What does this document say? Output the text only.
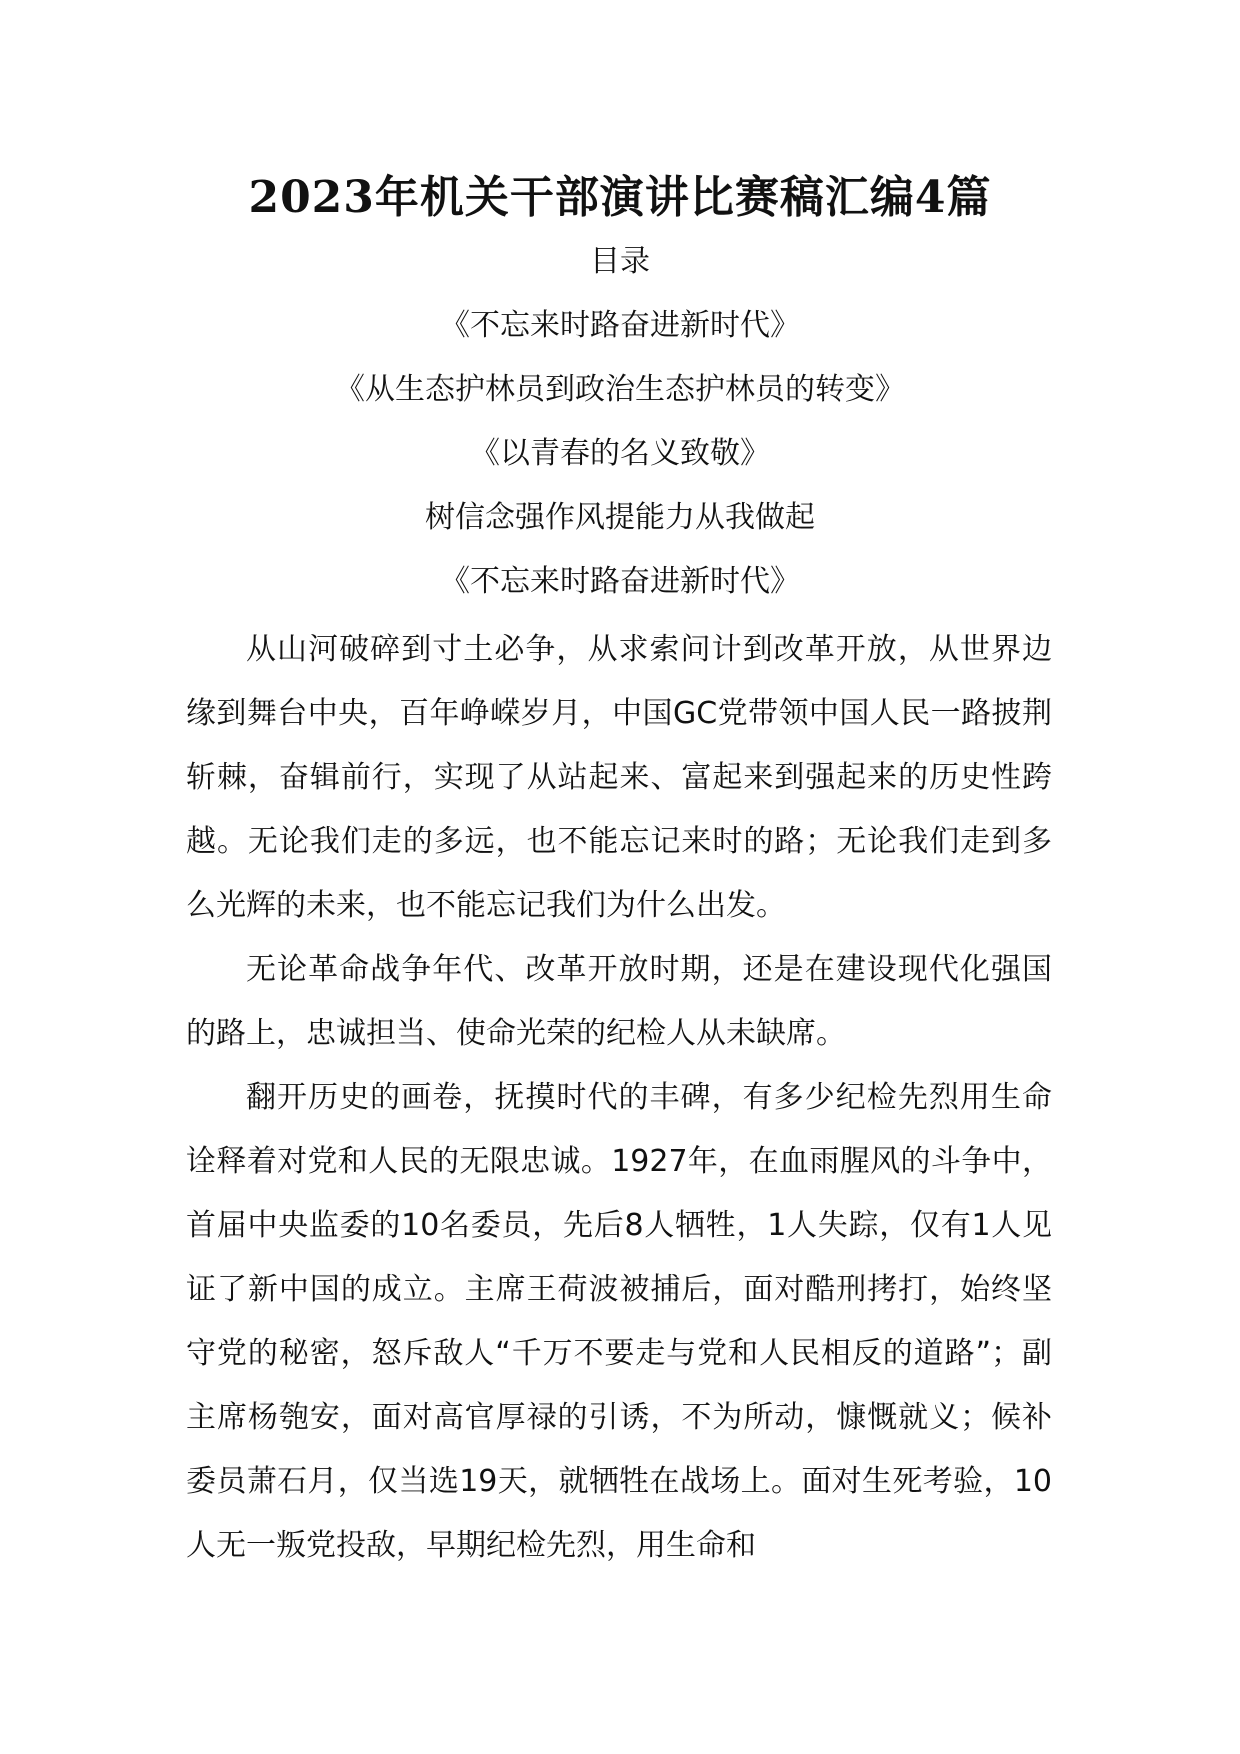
2023年机关干部演讲比赛稿汇编4篇
目录
《不忘来时路奋进新时代》
《从生态护林员到政治生态护林员的转变》
《以青春的名义致敬》
树信念强作风提能力从我做起
《不忘来时路奋进新时代》

从山河破碎到寸土必争，从求索问计到改革开放，从世界边缘到舞台中央，百年峥嵘岁月，中国GC党带领中国人民一路披荆斩棘，奋辑前行，实现了从站起来、富起来到强起来的历史性跨越。无论我们走的多远，也不能忘记来时的路；无论我们走到多么光辉的未来，也不能忘记我们为什么出发。

无论革命战争年代、改革开放时期，还是在建设现代化强国的路上，忠诚担当、使命光荣的纪检人从未缺席。

翻开历史的画卷，抚摸时代的丰碑，有多少纪检先烈用生命诠释着对党和人民的无限忠诚。1927年，在血雨腥风的斗争中，首届中央监委的10名委员，先后8人牺牲，1人失踪，仅有1人见证了新中国的成立。主席王荷波被捕后，面对酷刑拷打，始终坚守党的秘密，怒斥敌人“千万不要走与党和人民相反的道路”；副主席杨匏安，面对高官厚禄的引诱，不为所动，慷慨就义；候补委员萧石月，仅当选19天，就牺牲在战场上。面对生死考验，10人无一叛党投敌，早期纪检先烈，用生命和
